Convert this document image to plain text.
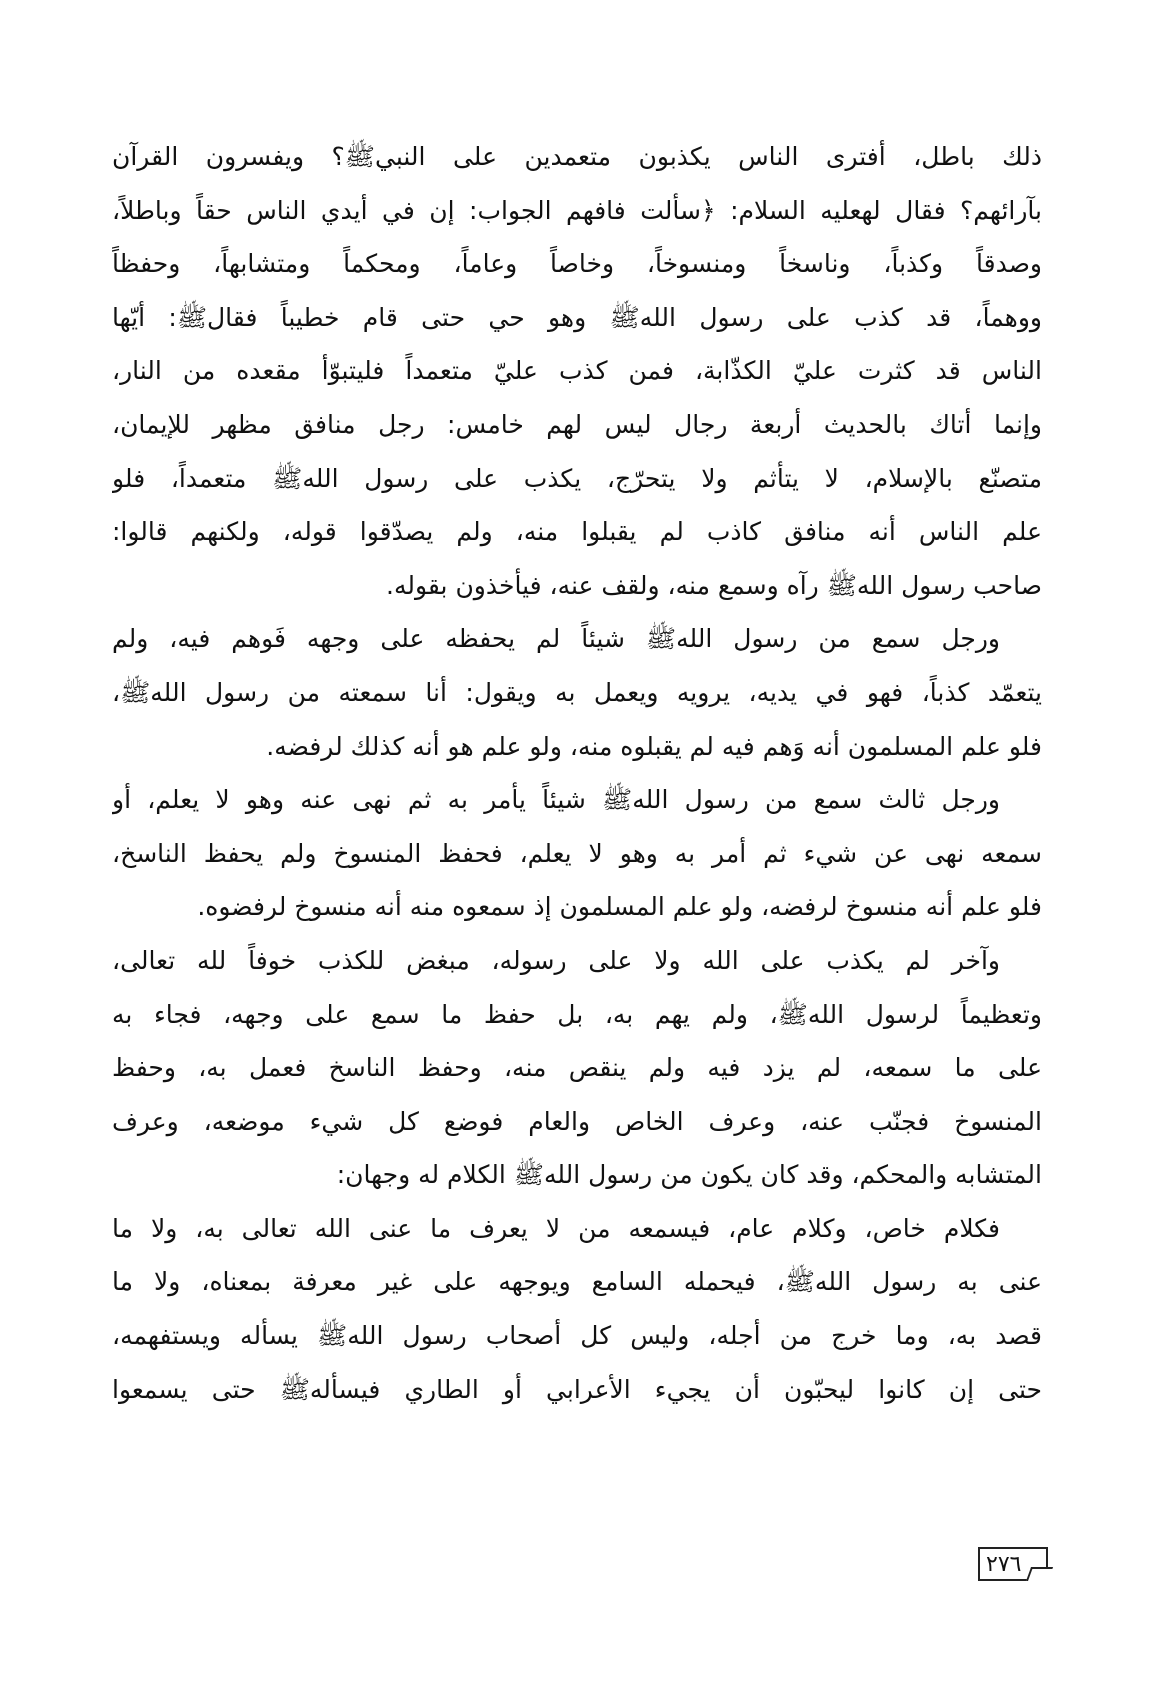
ذلك باطل، أفترى الناس يكذبون متعمدين على النبيﷺ؟ ويفسرون القرآن
بآرائهم؟ فقال لهعليه السلام: ﴿سألت فافهم الجواب: إن في أيدي الناس حقاً وباطلاً،
وصدقاً وكذباً، وناسخاً ومنسوخاً، وخاصاً وعاماً، ومحكماً ومتشابهاً، وحفظاً
ووهماً، قد كذب على رسول اللهﷺ وهو حي حتى قام خطيباً فقالﷺ: أيّها
الناس قد كثرت عليّ الكذّابة، فمن كذب عليّ متعمداً فليتبوّأ مقعده من النار،
وإنما أتاك بالحديث أربعة رجال ليس لهم خامس: رجل منافق مظهر للإيمان،
متصنّع بالإسلام، لا يتأثم ولا يتحرّج، يكذب على رسول اللهﷺ متعمداً، فلو
علم الناس أنه منافق كاذب لم يقبلوا منه، ولم يصدّقوا قوله، ولكنهم قالوا:
صاحب رسول اللهﷺ رآه وسمع منه، ولقف عنه، فيأخذون بقوله.
ورجل سمع من رسول اللهﷺ شيئاً لم يحفظه على وجهه فَوهم فيه، ولم
يتعمّد كذباً، فهو في يديه، يرويه ويعمل به ويقول: أنا سمعته من رسول اللهﷺ،
فلو علم المسلمون أنه وَهم فيه لم يقبلوه منه، ولو علم هو أنه كذلك لرفضه.
ورجل ثالث سمع من رسول اللهﷺ شيئاً يأمر به ثم نهى عنه وهو لا يعلم، أو
سمعه نهى عن شيء ثم أمر به وهو لا يعلم، فحفظ المنسوخ ولم يحفظ الناسخ،
فلو علم أنه منسوخ لرفضه، ولو علم المسلمون إذ سمعوه منه أنه منسوخ لرفضوه.
وآخر لم يكذب على الله ولا على رسوله، مبغض للكذب خوفاً لله تعالى،
وتعظيماً لرسول اللهﷺ، ولم يهم به، بل حفظ ما سمع على وجهه، فجاء به
على ما سمعه، لم يزد فيه ولم ينقص منه، وحفظ الناسخ فعمل به، وحفظ
المنسوخ فجنّب عنه، وعرف الخاص والعام فوضع كل شيء موضعه، وعرف
المتشابه والمحكم، وقد كان يكون من رسول اللهﷺ الكلام له وجهان:
فكلام خاص، وكلام عام، فيسمعه من لا يعرف ما عنى الله تعالى به، ولا ما
عنى به رسول اللهﷺ، فيحمله السامع ويوجهه على غير معرفة بمعناه، ولا ما
قصد به، وما خرج من أجله، وليس كل أصحاب رسول اللهﷺ يسأله ويستفهمه،
حتى إن كانوا ليحبّون أن يجيء الأعرابي أو الطاري فيسألهﷺ حتى يسمعوا
٢٧٦
